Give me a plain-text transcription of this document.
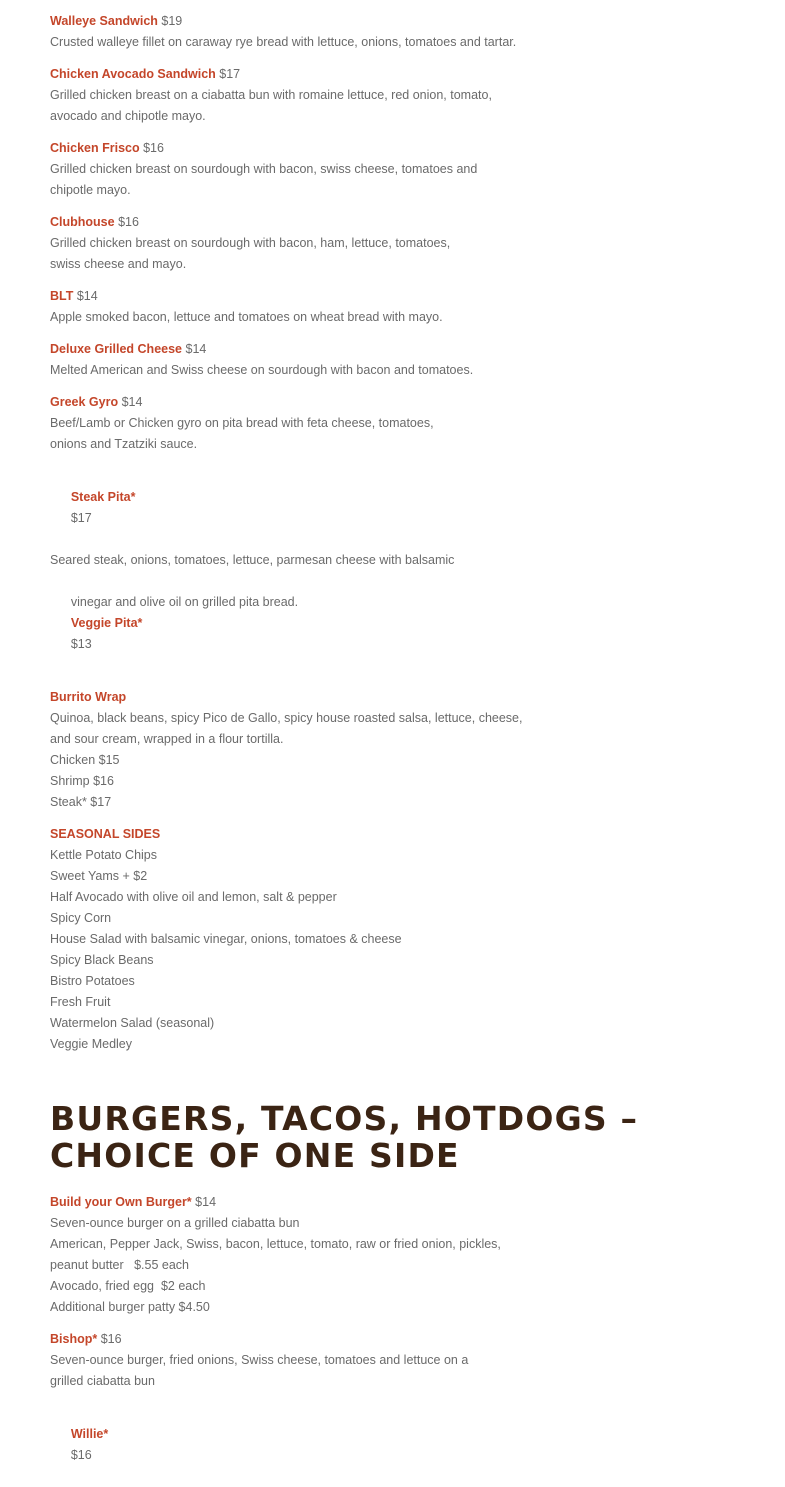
Walleye Sandwich $19
Crusted walleye fillet on caraway rye bread with lettuce, onions, tomatoes and tartar.
Chicken Avocado Sandwich $17
Grilled chicken breast on a ciabatta bun with romaine lettuce, red onion, tomato,
avocado and chipotle mayo.
Chicken Frisco $16
Grilled chicken breast on sourdough with bacon, swiss cheese, tomatoes and
chipotle mayo.
Clubhouse $16
Grilled chicken breast on sourdough with bacon, ham, lettuce, tomatoes,
swiss cheese and mayo.
BLT $14
Apple smoked bacon, lettuce and tomatoes on wheat bread with mayo.
Deluxe Grilled Cheese $14
Melted American and Swiss cheese on sourdough with bacon and tomatoes.
Greek Gyro $14
Beef/Lamb or Chicken gyro on pita bread with feta cheese, tomatoes,
onions and Tzatziki sauce.

Steak Pita*
$17

Seared steak, onions, tomatoes, lettuce, parmesan cheese with balsamic

vinegar and olive oil on grilled pita bread.
Veggie Pita*
$13

Burrito Wrap
Quinoa, black beans, spicy Pico de Gallo, spicy house roasted salsa, lettuce, cheese,
and sour cream, wrapped in a flour tortilla.
Chicken $15
Shrimp $16
Steak* $17
SEASONAL SIDES
Kettle Potato Chips
Sweet Yams + $2
Half Avocado with olive oil and lemon, salt & pepper
Spicy Corn
House Salad with balsamic vinegar, onions, tomatoes & cheese
Spicy Black Beans
Bistro Potatoes
Fresh Fruit
Watermelon Salad (seasonal)
Veggie Medley
BURGERS, TACOS, HOTDOGS – CHOICE OF ONE SIDE
Build your Own Burger* $14
Seven-ounce burger on a grilled ciabatta bun
American, Pepper Jack, Swiss, bacon, lettuce, tomato, raw or fried onion, pickles,
peanut butter   $.55 each
Avocado, fried egg  $2 each
Additional burger patty $4.50
Bishop* $16
Seven-ounce burger, fried onions, Swiss cheese, tomatoes and lettuce on a
grilled ciabatta bun

Willie*
$16
